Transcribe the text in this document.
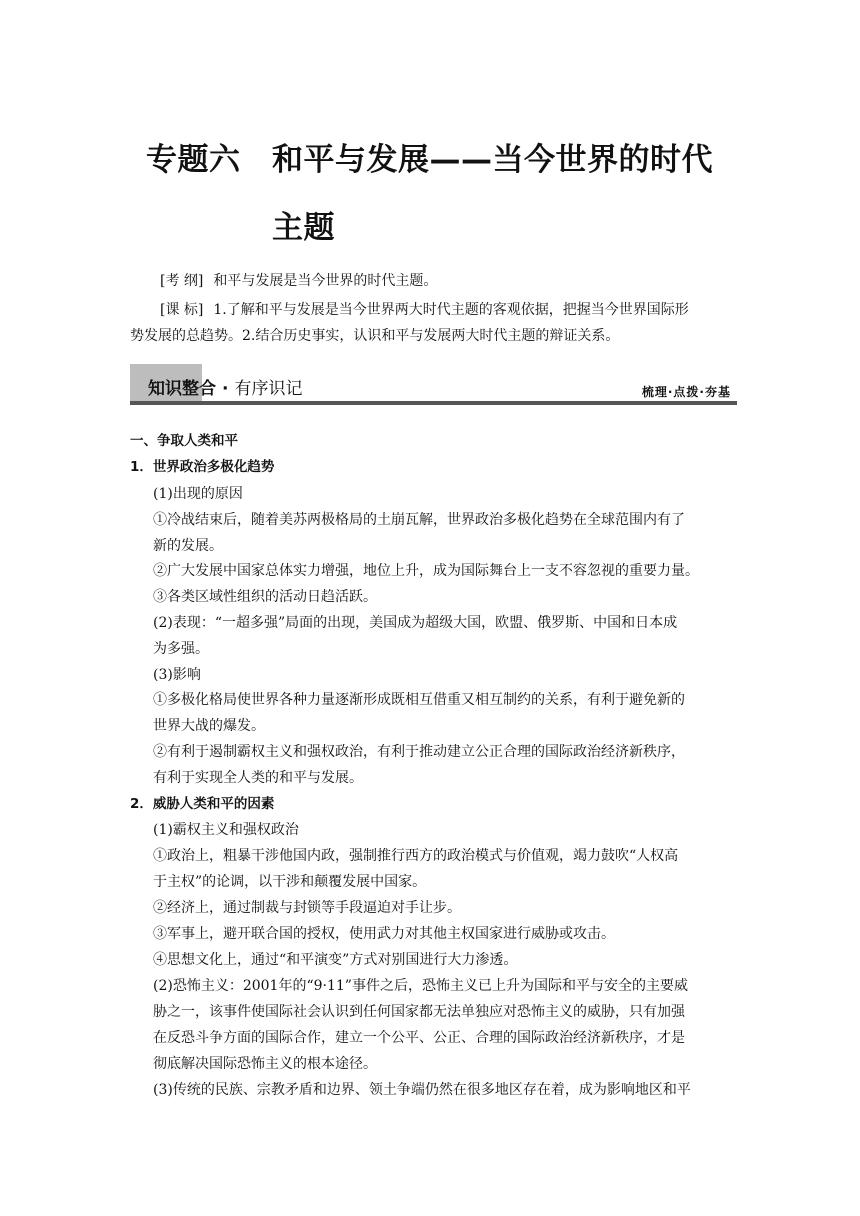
专题六　和平与发展——当今世界的时代
主题
[考 纲] 和平与发展是当今世界的时代主题。
[课 标] 1.了解和平与发展是当今世界两大时代主题的客观依据，把握当今世界国际形
势发展的总趋势。2.结合历史事实，认识和平与发展两大时代主题的辩证关系。
知识整合 · 有序识记	梳理·点拨·夯基
一、争取人类和平
1．世界政治多极化趋势
(1)出现的原因
①冷战结束后，随着美苏两极格局的土崩瓦解，世界政治多极化趋势在全球范围内有了
新的发展。
②广大发展中国家总体实力增强，地位上升，成为国际舞台上一支不容忽视的重要力量。
③各类区域性组织的活动日趋活跃。
(2)表现：“一超多强”局面的出现，美国成为超级大国，欧盟、俄罗斯、中国和日本成
为多强。
(3)影响
①多极化格局使世界各种力量逐渐形成既相互借重又相互制约的关系，有利于避免新的
世界大战的爆发。
②有利于遏制霸权主义和强权政治，有利于推动建立公正合理的国际政治经济新秩序，
有利于实现全人类的和平与发展。
2．威胁人类和平的因素
(1)霸权主义和强权政治
①政治上，粗暴干涉他国内政，强制推行西方的政治模式与价值观，竭力鼓吹“人权高
于主权”的论调，以干涉和颠覆发展中国家。
②经济上，通过制裁与封锁等手段逼迫对手让步。
③军事上，避开联合国的授权，使用武力对其他主权国家进行威胁或攻击。
④思想文化上，通过“和平演变”方式对别国进行大力渗透。
(2)恐怖主义：2001年的“9·11”事件之后，恐怖主义已上升为国际和平与安全的主要威
胁之一，该事件使国际社会认识到任何国家都无法单独应对恐怖主义的威胁，只有加强
在反恐斗争方面的国际合作，建立一个公平、公正、合理的国际政治经济新秩序，才是
彻底解决国际恐怖主义的根本途径。
(3)传统的民族、宗教矛盾和边界、领土争端仍然在很多地区存在着，成为影响地区和平
